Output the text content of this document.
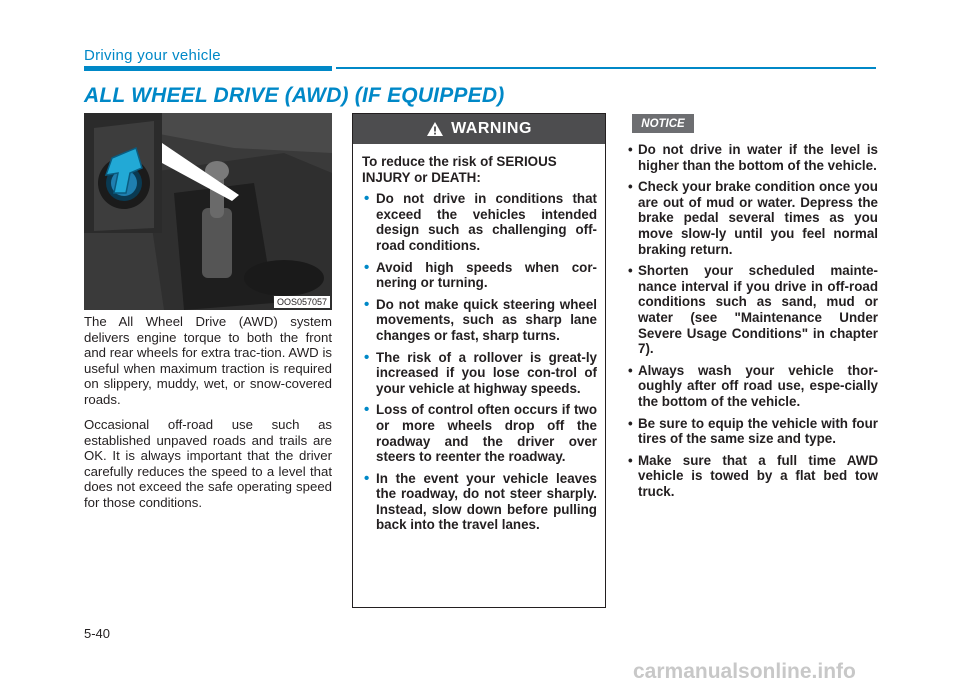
Driving your vehicle
ALL WHEEL DRIVE (AWD) (IF EQUIPPED)
OOS057057

The All Wheel Drive (AWD) system delivers engine torque to both the front and rear wheels for extra trac-tion. AWD is useful when maximum traction is required on slippery, muddy, wet, or snow-covered roads.

Occasional off-road use such as established unpaved roads and trails are OK. It is always important that the driver carefully reduces the speed to a level that does not exceed the safe operating speed for those conditions.

WARNING

To reduce the risk of SERIOUS INJURY or DEATH:

• Do not drive in conditions that exceed the vehicles intended design such as challenging off-road conditions.
• Avoid high speeds when cor-nering or turning.
• Do not make quick steering wheel movements, such as sharp lane changes or fast, sharp turns.
• The risk of a rollover is great-ly increased if you lose con-trol of your vehicle at highway speeds.
• Loss of control often occurs if two or more wheels drop off the roadway and the driver over steers to reenter the roadway.
• In the event your vehicle leaves the roadway, do not steer sharply. Instead, slow down before pulling back into the travel lanes.
NOTICE
• Do not drive in water if the level is higher than the bottom of the vehicle.
• Check your brake condition once you are out of mud or water. Depress the brake pedal several times as you move slow-ly until you feel normal braking return.
• Shorten your scheduled mainte-nance interval if you drive in off-road conditions such as sand, mud or water (see "Maintenance Under Severe Usage Conditions" in chapter 7).
• Always wash your vehicle thor-oughly after off road use, espe-cially the bottom of the vehicle.
• Be sure to equip the vehicle with four tires of the same size and type.
• Make sure that a full time AWD vehicle is towed by a flat bed tow truck.
5-40
carmanualsonline.info
